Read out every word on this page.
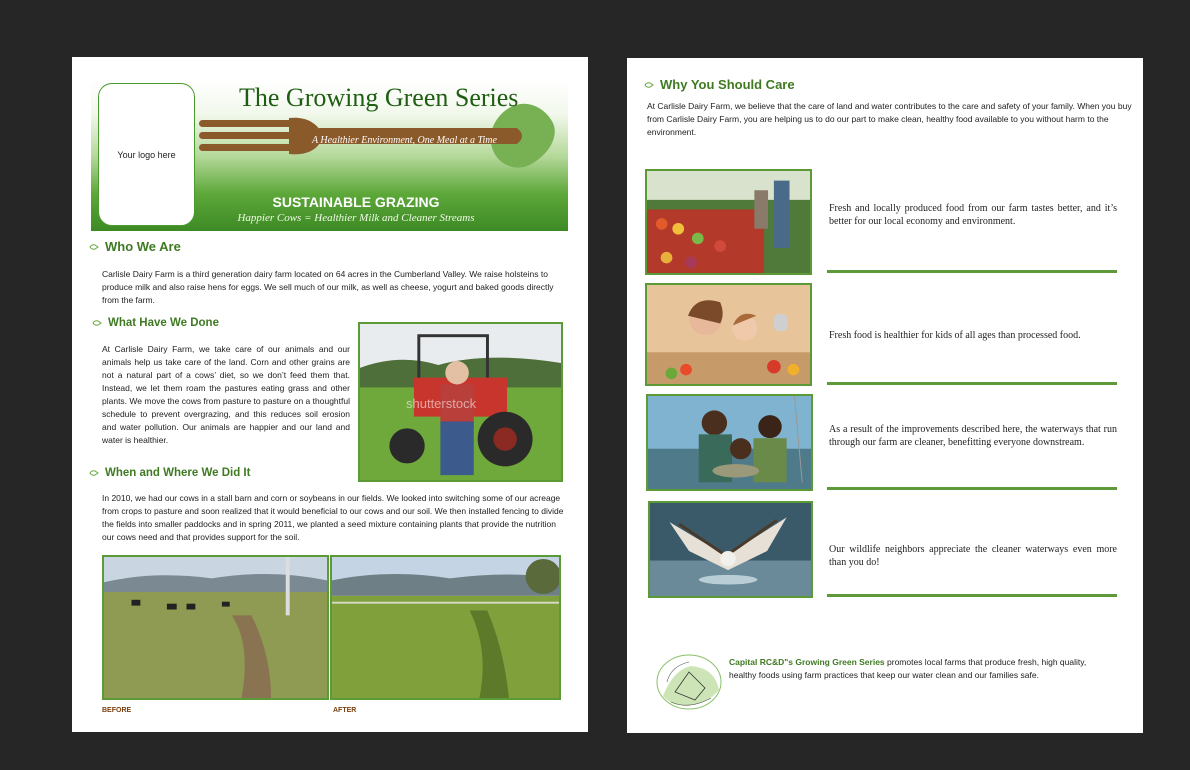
Your logo here
The Growing Green Series
A Healthier Environment, One Meal at a Time
SUSTAINABLE GRAZING
Happier Cows = Healthier Milk and Cleaner Streams
Who We Are
Carlisle Dairy Farm is a third generation dairy farm located on 64 acres in the Cumberland Valley. We raise holsteins to produce milk and also raise hens for eggs. We sell much of our milk, as well as cheese, yogurt and baked goods directly from the farm.
What Have We Done
At Carlisle Dairy Farm, we take care of our animals and our animals help us take care of the land. Corn and other grains are not a natural part of a cows’ diet, so we don’t feed them that. Instead, we let them roam the pastures eating grass and other plants. We move the cows from pasture to pasture on a thoughtful schedule to prevent overgrazing, and this reduces soil erosion and water pollution. Our animals are happier and our land and water is healthier.
shutterstock
When and Where We Did It
In 2010, we had our cows in a stall barn and corn or soybeans in our fields. We looked into switching some of our acreage from crops to pasture and soon realized that it would beneficial to our cows and our soil. We then installed fencing to divide the fields into smaller paddocks and in spring 2011, we planted a seed mixture containing plants that provide the nutrition our cows need and that provides support for the soil.
BEFORE	AFTER
Why You Should Care
At Carlisle Dairy Farm, we believe that the care of land and water contributes to the care and safety of your family. When you buy from Carlisle Dairy Farm, you are helping us to do our part to make clean, healthy food available to you without harm to the environment.
Fresh and locally produced food from our farm tastes better, and it’s better for our local economy and environment.
Fresh food is healthier for kids of all ages than processed food.
As a result of the improvements described here, the waterways that run through our farm are cleaner, benefitting everyone downstream.
Our wildlife neighbors appreciate the cleaner waterways even more than you do!
Capital RC&D"s Growing Green Series promotes local farms that produce fresh, high quality, healthy foods using farm practices that keep our water clean and our families safe.
